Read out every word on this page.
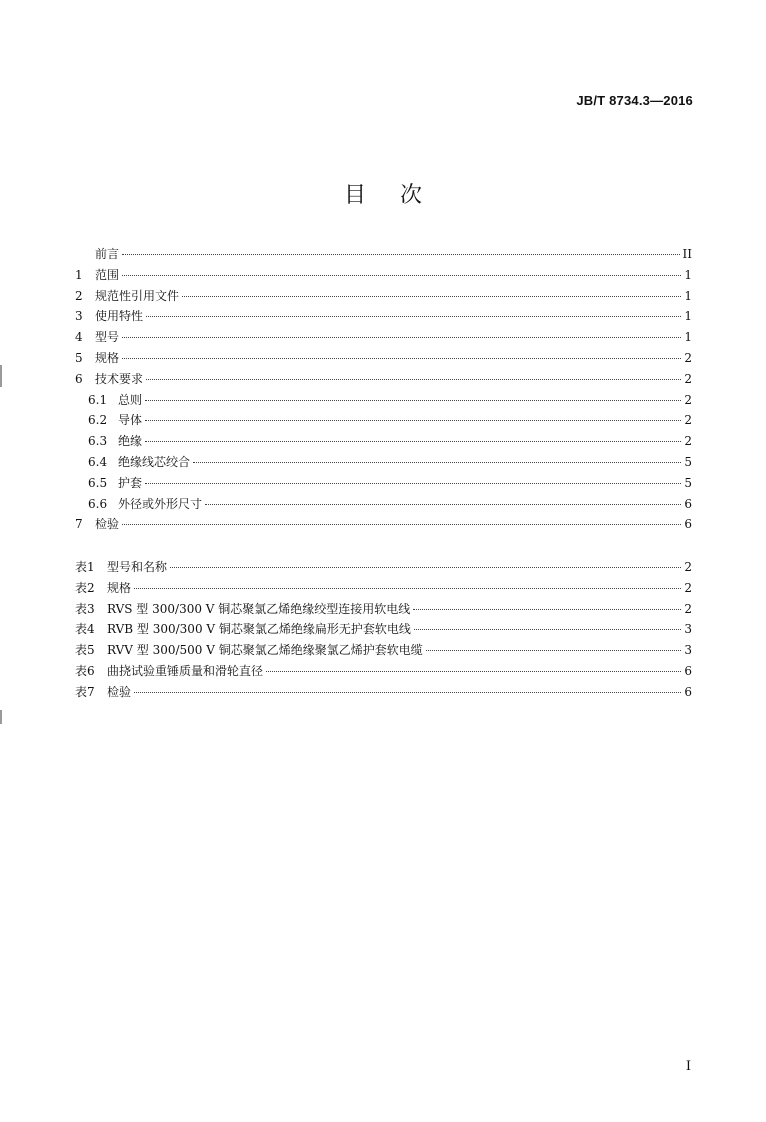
JB/T 8734.3—2016
目次
前言	II
1	范围	1
2	规范性引用文件	1
3	使用特性	1
4	型号	1
5	规格	2
6	技术要求	2
6.1 总则	2
6.2 导体	2
6.3 绝缘	2
6.4 绝缘线芯绞合	5
6.5 护套	5
6.6 外径或外形尺寸	6
7	检验	6
表1	型号和名称	2
表2	规格	2
表3	RVS 型 300/300 V 铜芯聚氯乙烯绝缘绞型连接用软电线	2
表4	RVB 型 300/300 V 铜芯聚氯乙烯绝缘扁形无护套软电线	3
表5	RVV 型 300/500 V 铜芯聚氯乙烯绝缘聚氯乙烯护套软电缆	3
表6	曲挠试验重锤质量和滑轮直径	6
表7	检验	6
I
